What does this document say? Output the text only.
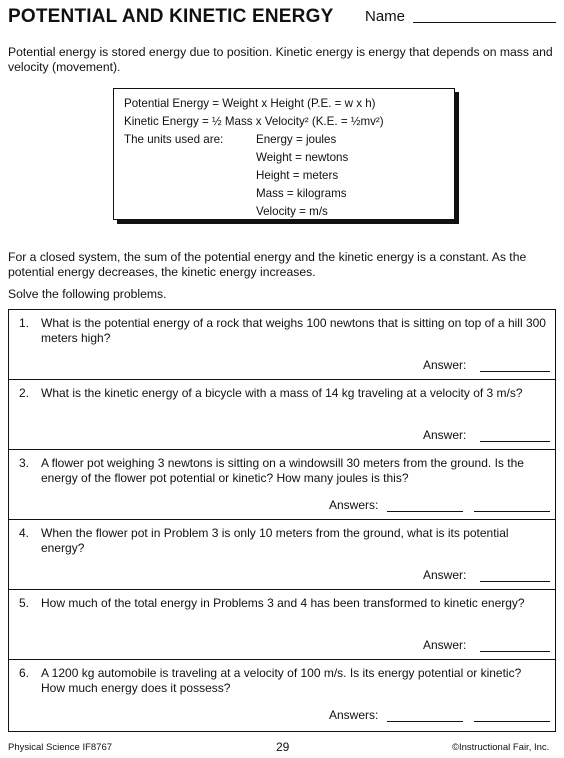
POTENTIAL AND KINETIC ENERGY Name
Potential energy is stored energy due to position. Kinetic energy is energy that depends on mass and velocity (movement).
Potential Energy = Weight x Height (P.E. = w x h)
Kinetic Energy = ½ Mass x Velocity² (K.E. = ½mv²)
The units used are:	Energy = joules
Weight = newtons
Height = meters
Mass = kilograms
Velocity = m/s
For a closed system, the sum of the potential energy and the kinetic energy is a constant. As the potential energy decreases, the kinetic energy increases.
Solve the following problems.
1. What is the potential energy of a rock that weighs 100 newtons that is sitting on top of a hill 300 meters high?
Answer:
2. What is the kinetic energy of a bicycle with a mass of 14 kg traveling at a velocity of 3 m/s?
Answer:
3. A flower pot weighing 3 newtons is sitting on a windowsill 30 meters from the ground. Is the energy of the flower pot potential or kinetic? How many joules is this?
Answers:
4. When the flower pot in Problem 3 is only 10 meters from the ground, what is its potential energy?
Answer:
5. How much of the total energy in Problems 3 and 4 has been transformed to kinetic energy?
Answer:
6. A 1200 kg automobile is traveling at a velocity of 100 m/s. Is its energy potential or kinetic? How much energy does it possess?
Answers:
Physical Science IF8767	29	©Instructional Fair, Inc.
